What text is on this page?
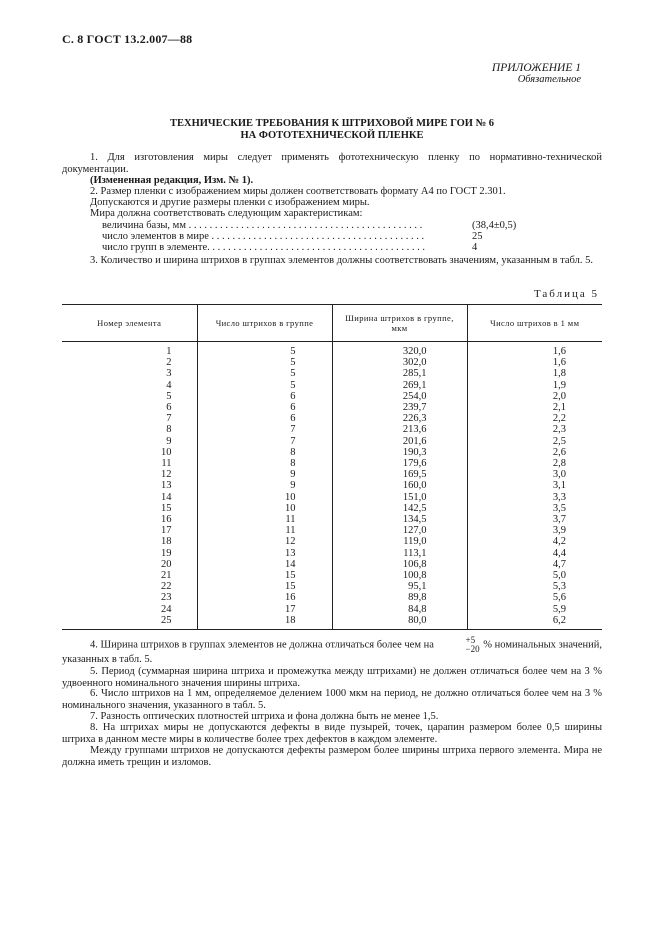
С. 8 ГОСТ 13.2.007—88
ПРИЛОЖЕНИЕ 1
Обязательное
ТЕХНИЧЕСКИЕ ТРЕБОВАНИЯ К ШТРИХОВОЙ МИРЕ ГОИ № 6
НА ФОТОТЕХНИЧЕСКОЙ ПЛЕНКЕ
1. Для изготовления миры следует применять фототехническую пленку по нормативно-технической документации.
(Измененная редакция, Изм. № 1).
2. Размер пленки с изображением миры должен соответствовать формату А4 по ГОСТ 2.301.
Допускаются и другие размеры пленки с изображением миры.
Мира должна соответствовать следующим характеристикам:
величина базы, мм . . . . . . . . . . . . . . . . . . . . . . . . . . . . . . . . . . . . . . . . . . . . .	(38,4±0,5)
число элементов в мире . . . . . . . . . . . . . . . . . . . . . . . . . . . . . . . . . . . . . . . . .	25
число групп в элементе. . . . . . . . . . . . . . . . . . . . . . . . . . . . . . . . . . . . . . . . . .	4
3. Количество и ширина штрихов в группах элементов должны соответствовать значениям, указанным в табл. 5.
Таблица 5
Номер элемента	Число штрихов в группе	Ширина штрихов в группе, мкм	Число штрихов в 1 мм
1	5	320,0	1,6
2	5	302,0	1,6
3	5	285,1	1,8
4	5	269,1	1,9
5	6	254,0	2,0
6	6	239,7	2,1
7	6	226,3	2,2
8	7	213,6	2,3
9	7	201,6	2,5
10	8	190,3	2,6
11	8	179,6	2,8
12	9	169,5	3,0
13	9	160,0	3,1
14	10	151,0	3,3
15	10	142,5	3,5
16	11	134,5	3,7
17	11	127,0	3,9
18	12	119,0	4,2
19	13	113,1	4,4
20	14	106,8	4,7
21	15	100,8	5,0
22	15	95,1	5,3
23	16	89,8	5,6
24	17	84,8	5,9
25	18	80,0	6,2
4. Ширина штрихов в группах элементов не должна отличаться более чем на	+5
−20 % номинальных значений, указанных в табл. 5.
5. Период (суммарная ширина штриха и промежутка между штрихами) не должен отличаться более чем на 3 % удвоенного номинального значения ширины штриха.
6. Число штрихов на 1 мм, определяемое делением 1000 мкм на период, не должно отличаться более чем на 3 % номинального значения, указанного в табл. 5.
7. Разность оптических плотностей штриха и фона должна быть не менее 1,5.
8. На штрихах миры не допускаются дефекты в виде пузырей, точек, царапин размером более 0,5 ширины штриха в данном месте миры в количестве более трех дефектов в каждом элементе.
Между группами штрихов не допускаются дефекты размером более ширины штриха первого элемента. Мира не должна иметь трещин и изломов.
